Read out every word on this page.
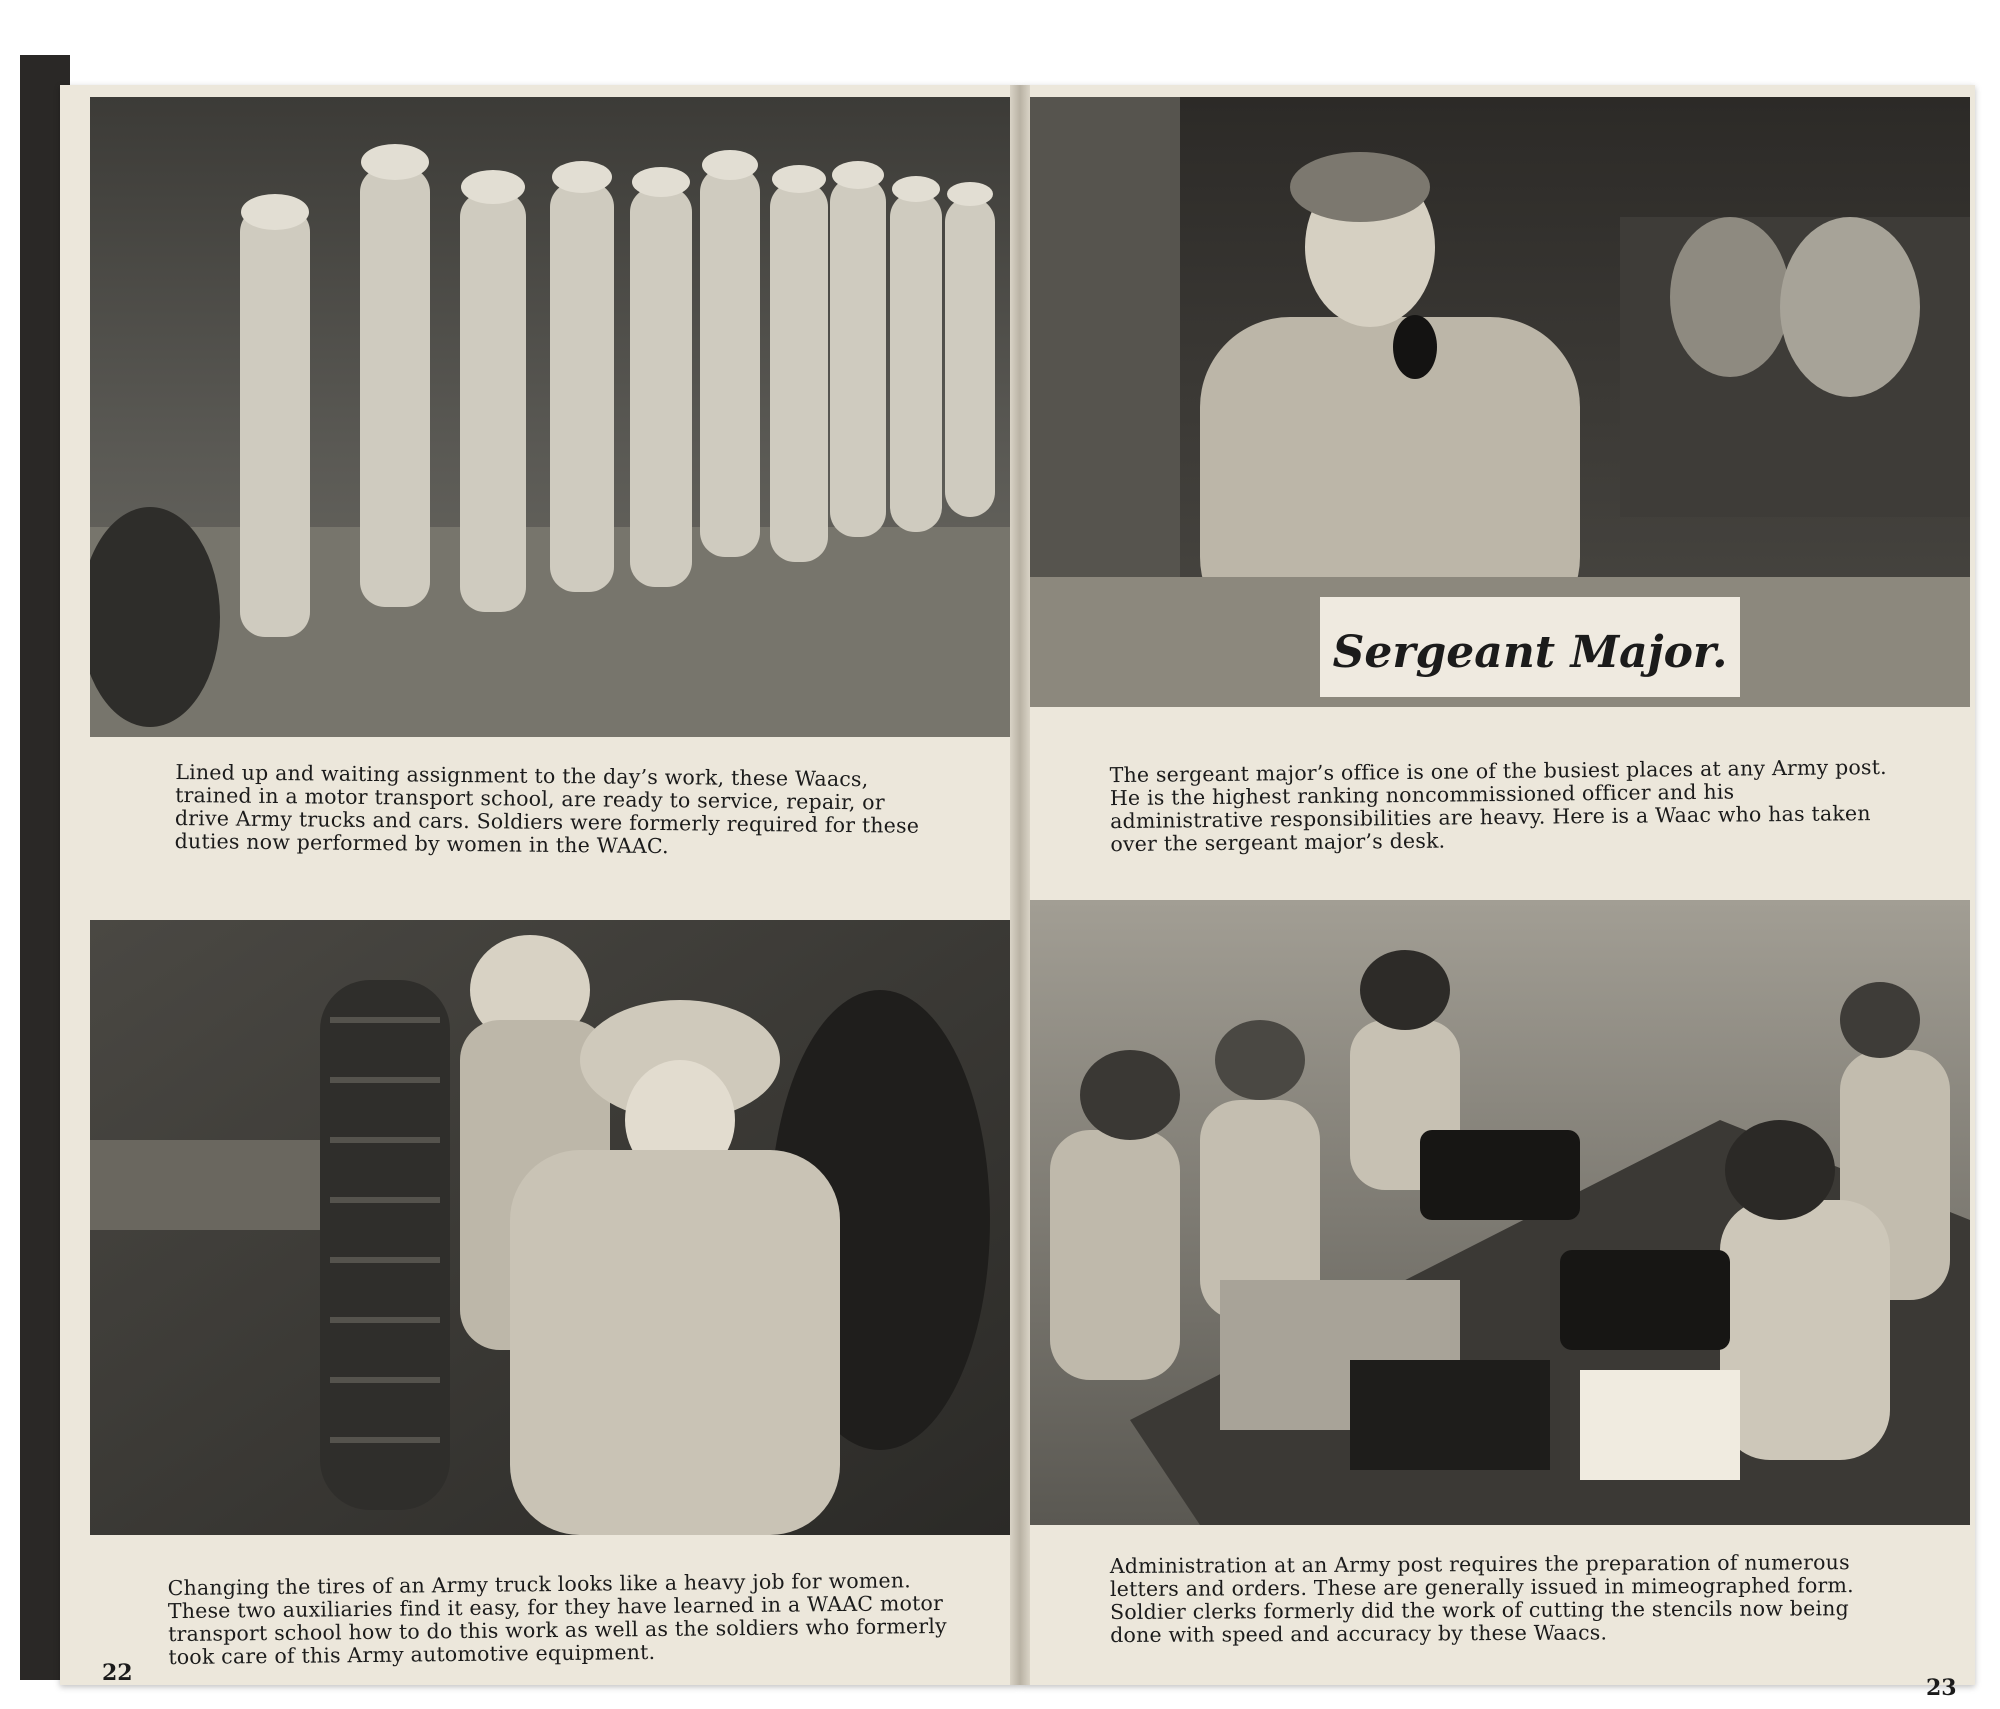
Lined up and waiting assignment to the day’s work, these Waacs, trained in a motor transport school, are ready to service, repair, or drive Army trucks and cars. Soldiers were formerly required for these duties now performed by women in the WAAC.
Changing the tires of an Army truck looks like a heavy job for women. These two auxiliaries find it easy, for they have learned in a WAAC motor transport school how to do this work as well as the soldiers who formerly took care of this Army automotive equipment.
22
Sergeant Major.
The sergeant major’s office is one of the busiest places at any Army post. He is the highest ranking noncommissioned officer and his administrative responsibilities are heavy. Here is a Waac who has taken over the sergeant major’s desk.
Administration at an Army post requires the preparation of numerous letters and orders. These are generally issued in mimeographed form. Soldier clerks formerly did the work of cutting the stencils now being done with speed and accuracy by these Waacs.
23
